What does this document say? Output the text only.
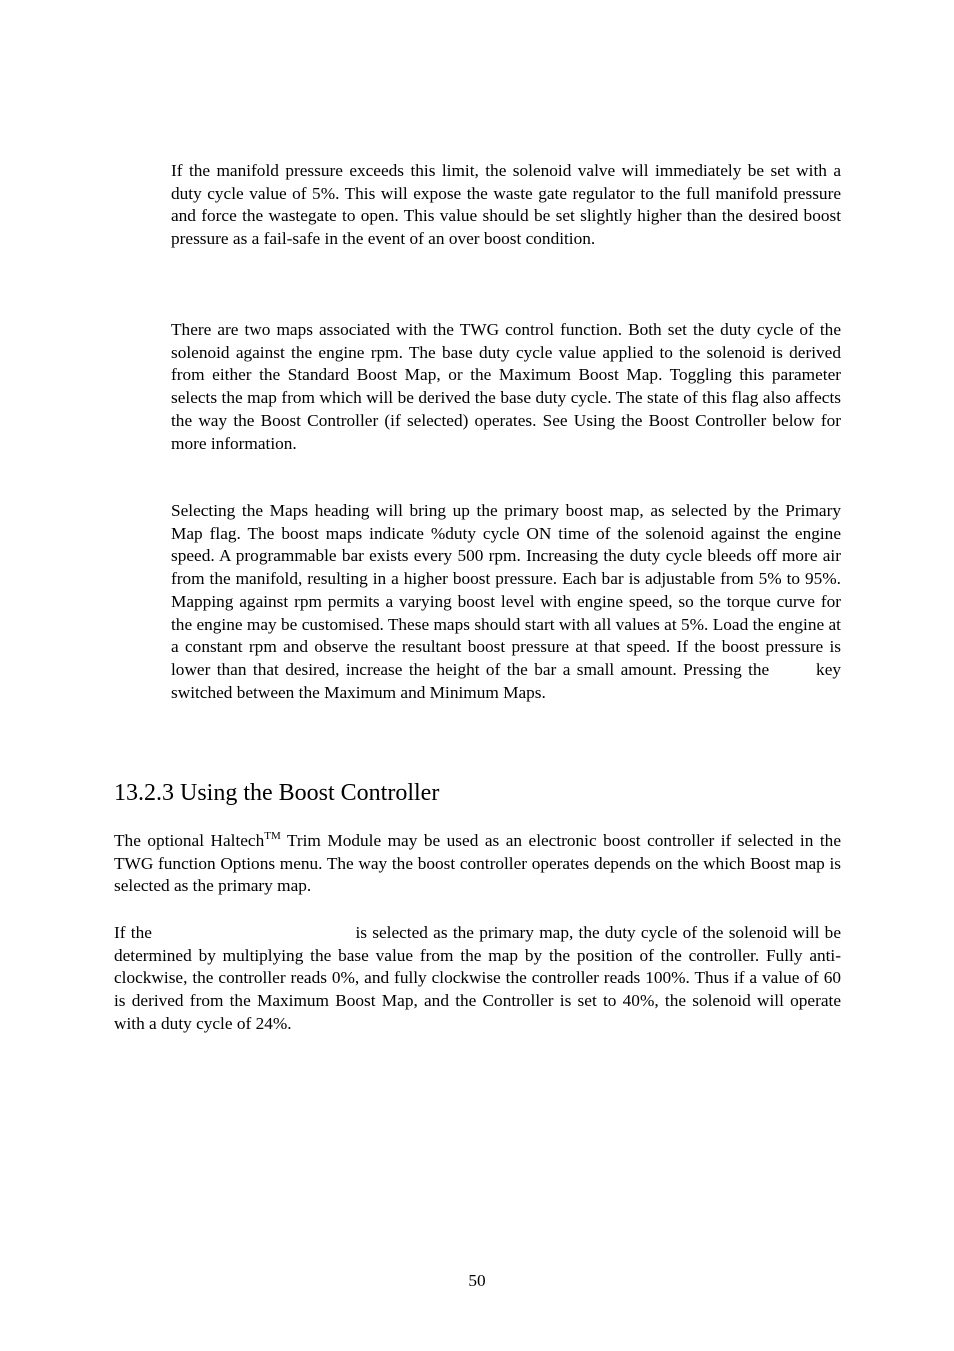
If the manifold pressure exceeds this limit, the solenoid valve will immediately be set with a duty cycle value of 5%. This will expose the waste gate regulator to the full manifold pressure and force the wastegate to open. This value should be set slightly higher than the desired boost pressure as a fail-safe in the event of an over boost condition.

There are two maps associated with the TWG control function. Both set the duty cycle of the solenoid against the engine rpm. The base duty cycle value applied to the solenoid is derived from either the Standard Boost Map, or the Maximum Boost Map. Toggling this parameter selects the map from which will be derived the base duty cycle. The state of this flag also affects the way the Boost Controller (if selected) operates. See Using the Boost Controller below for more information.

Selecting the Maps heading will bring up the primary boost map, as selected by the Primary Map flag. The boost maps indicate %duty cycle ON time of the solenoid against the engine speed. A programmable bar exists every 500 rpm. Increasing the duty cycle bleeds off more air from the manifold, resulting in a higher boost pressure. Each bar is adjustable from 5% to 95%. Mapping against rpm permits a varying boost level with engine speed, so the torque curve for the engine may be customised. These maps should start with all values at 5%. Load the engine at a constant rpm and observe the resultant boost pressure at that speed. If the boost pressure is lower than that desired, increase the height of the bar a small amount. Pressing the	key switched between the Maximum and Minimum Maps.

13.2.3 Using the Boost Controller

The optional Haltech™ Trim Module may be used as an electronic boost controller if selected in the TWG function Options menu. The way the boost controller operates depends on the which Boost map is selected as the primary map.

If the	is selected as the primary map, the duty cycle of the solenoid will be determined by multiplying the base value from the map by the position of the controller. Fully anti-clockwise, the controller reads 0%, and fully clockwise the controller reads 100%. Thus if a value of 60 is derived from the Maximum Boost Map, and the Controller is set to 40%, the solenoid will operate with a duty cycle of 24%.

50
